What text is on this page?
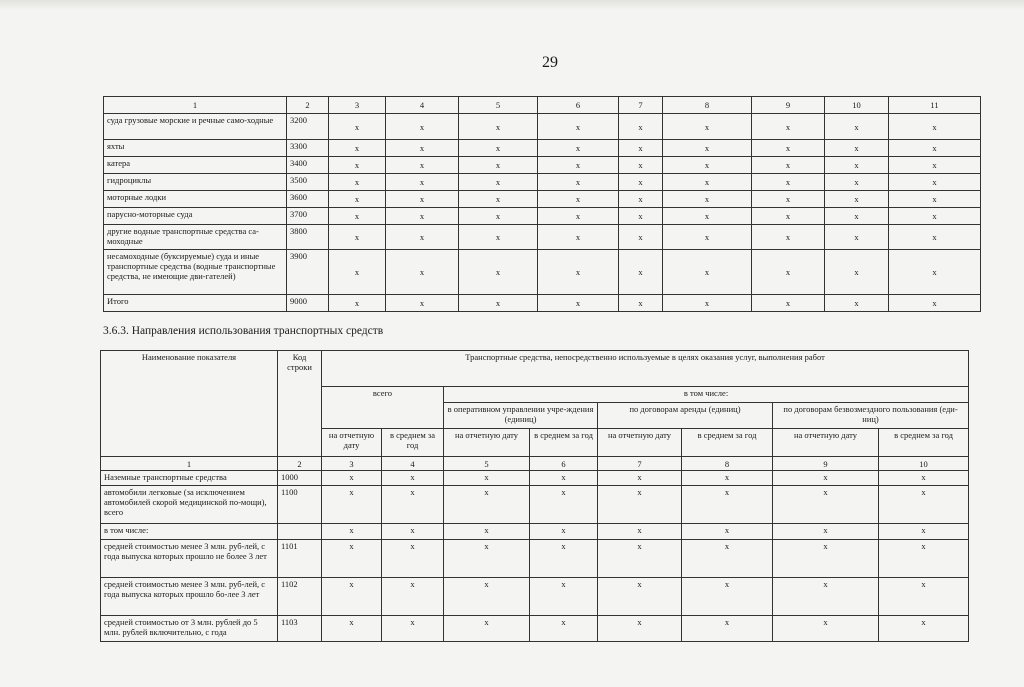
29
1	2	3	4	5	6	7	8	9	10	11
суда грузовые морские и речные само-ходные	3200	x	x	x	x	x	x	x	x	x
яхты	3300	x	x	x	x	x	x	x	x	x
катера	3400	x	x	x	x	x	x	x	x	x
гидроциклы	3500	x	x	x	x	x	x	x	x	x
моторные лодки	3600	x	x	x	x	x	x	x	x	x
парусно-моторные суда	3700	x	x	x	x	x	x	x	x	x
другие водные транспортные средства са-моходные	3800	x	x	x	x	x	x	x	x	x
несамоходные (буксируемые) суда и иные транспортные средства (водные транспортные средства, не имеющие дви-гателей)	3900	x	x	x	x	x	x	x	x	x
Итого	9000	x	x	x	x	x	x	x	x	x
3.6.3. Направления использования транспортных средств
Наименование показателя	Код строки	Транспортные средства, непосредственно используемые в целях оказания услуг, выполнения работ							
		всего		в том числе:					
				в оперативном управлении учре-ждения (единиц)		по договорам аренды (единиц)		по договорам безвозмездного пользования (еди-ниц)	
		на отчетную дату	в среднем за год	на отчетную дату	в среднем за год	на отчетную дату	в среднем за год	на отчетную дату	в среднем за год
1	2	3	4	5	6	7	8	9	10
Наземные транспортные средства	1000	x	x	x	x	x	x	x	x
автомобили легковые (за исключением автомобилей скорой медицинской по-мощи), всего	1100	x	x	x	x	x	x	x	x
в том числе:		x	x	x	x	x	x	x	x
средней стоимостью менее 3 млн. руб-лей, с года выпуска которых прошло не более 3 лет	1101	x	x	x	x	x	x	x	x
средней стоимостью менее 3 млн. руб-лей, с года выпуска которых прошло бо-лее 3 лет	1102	x	x	x	x	x	x	x	x
средней стоимостью от 3 млн. рублей до 5 млн. рублей включительно, с года	1103	x	x	x	x	x	x	x	x
